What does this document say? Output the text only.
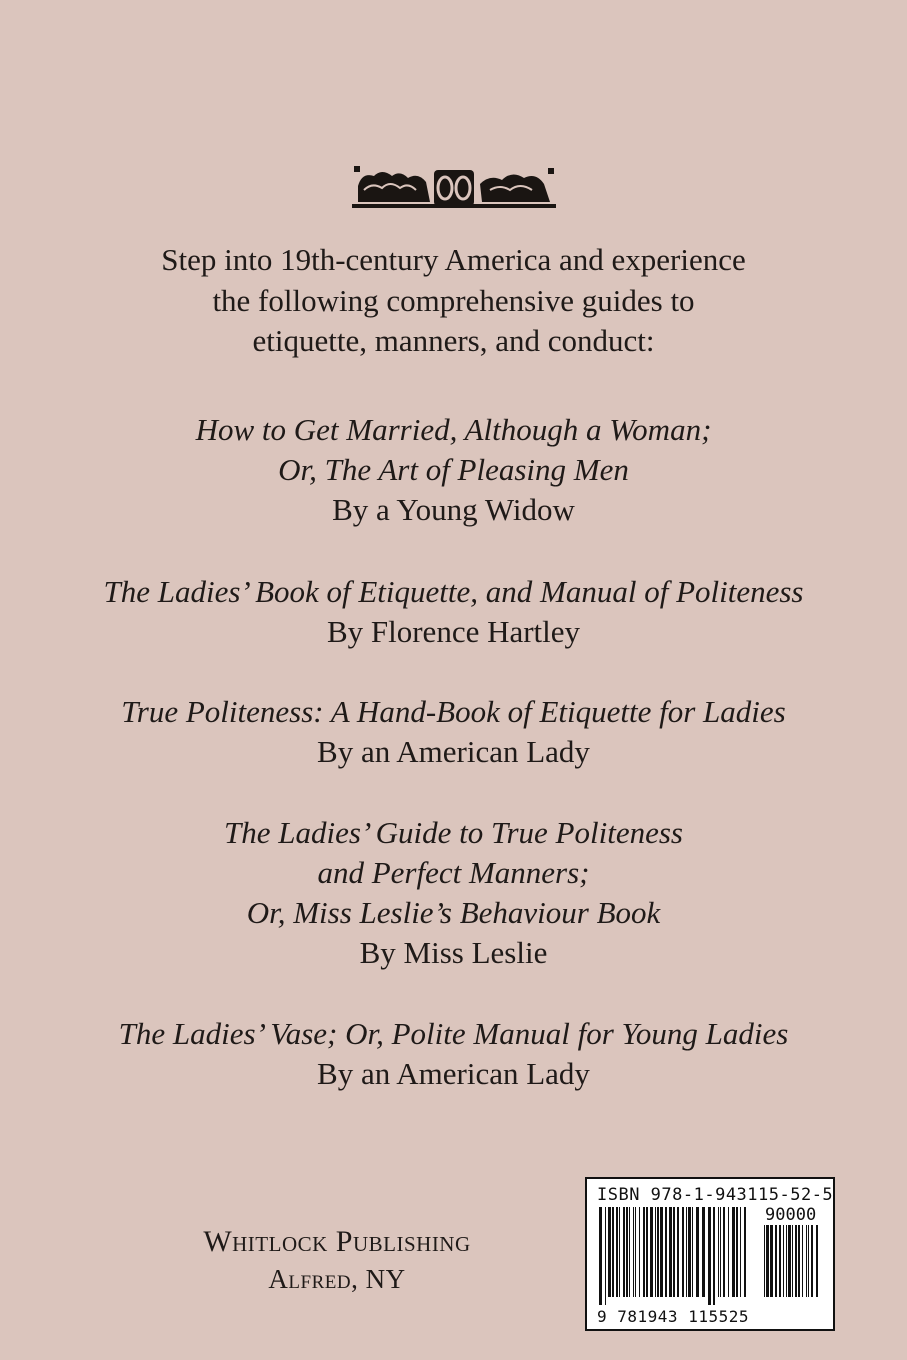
Step into 19th-century America and experience
the following comprehensive guides to
etiquette, manners, and conduct:
How to Get Married, Although a Woman;
Or, The Art of Pleasing Men
By a Young Widow
The Ladies’ Book of Etiquette, and Manual of Politeness
By Florence Hartley
True Politeness: A Hand-Book of Etiquette for Ladies
By an American Lady
The Ladies’ Guide to True Politeness
and Perfect Manners;
Or, Miss Leslie’s Behaviour Book
By Miss Leslie
The Ladies’ Vase; Or, Polite Manual for Young Ladies
By an American Lady
Whitlock Publishing
Alfred, NY
ISBN 978-1-943115-52-5
90000
9 781943 115525
